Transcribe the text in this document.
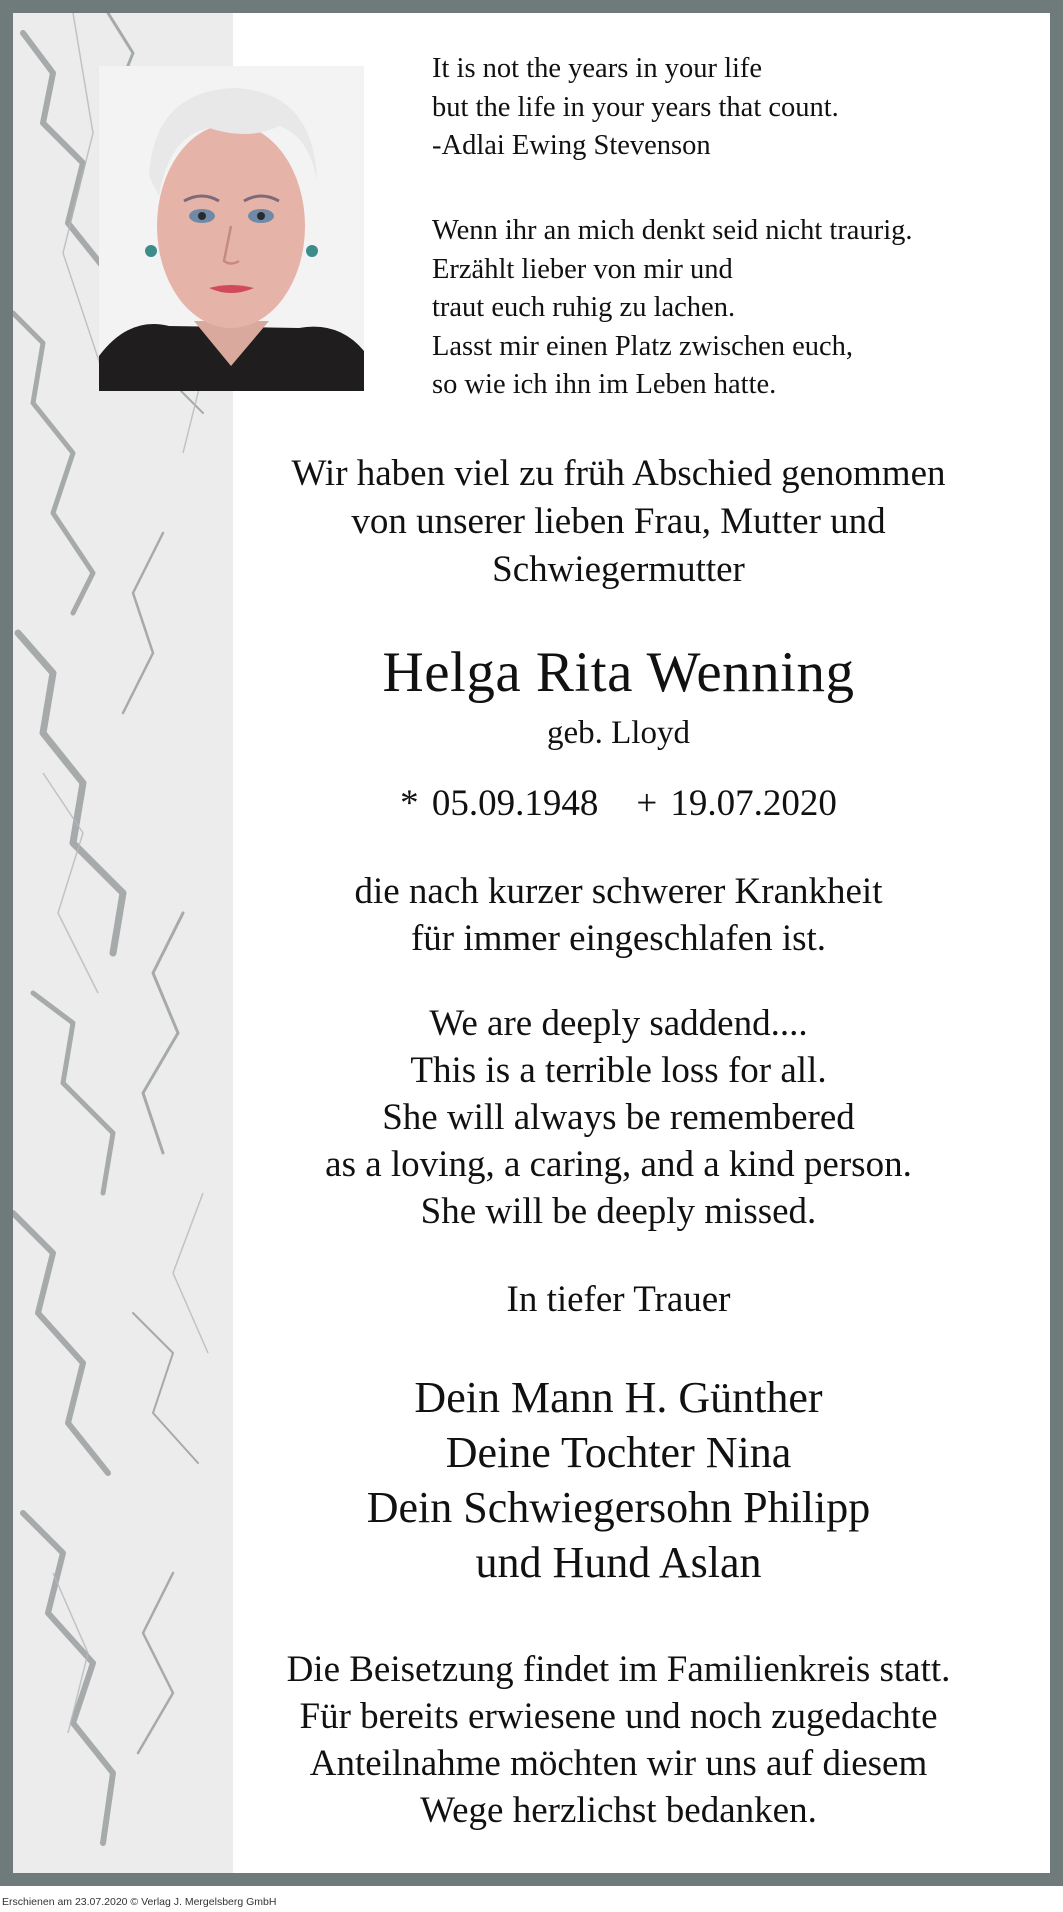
It is not the years in your life
but the life in your years that count.
-Adlai Ewing Stevenson

Wenn ihr an mich denkt seid nicht traurig.
Erzählt lieber von mir und
traut euch ruhig zu lachen.
Lasst mir einen Platz zwischen euch,
so wie ich ihn im Leben hatte.

Wir haben viel zu früh Abschied genommen
von unserer lieben Frau, Mutter und
Schwiegermutter

Helga Rita Wenning

geb. Lloyd

* 05.09.1948 + 19.07.2020

die nach kurzer schwerer Krankheit
für immer eingeschlafen ist.

We are deeply saddend....
This is a terrible loss for all.
She will always be remembered
as a loving, a caring, and a kind person.
She will be deeply missed.

In tiefer Trauer

Dein Mann H. Günther
Deine Tochter Nina
Dein Schwiegersohn Philipp
und Hund Aslan

Die Beisetzung findet im Familienkreis statt.
Für bereits erwiesene und noch zugedachte
Anteilnahme möchten wir uns auf diesem
Wege herzlichst bedanken.

Erschienen am 23.07.2020 © Verlag J. Mergelsberg GmbH
